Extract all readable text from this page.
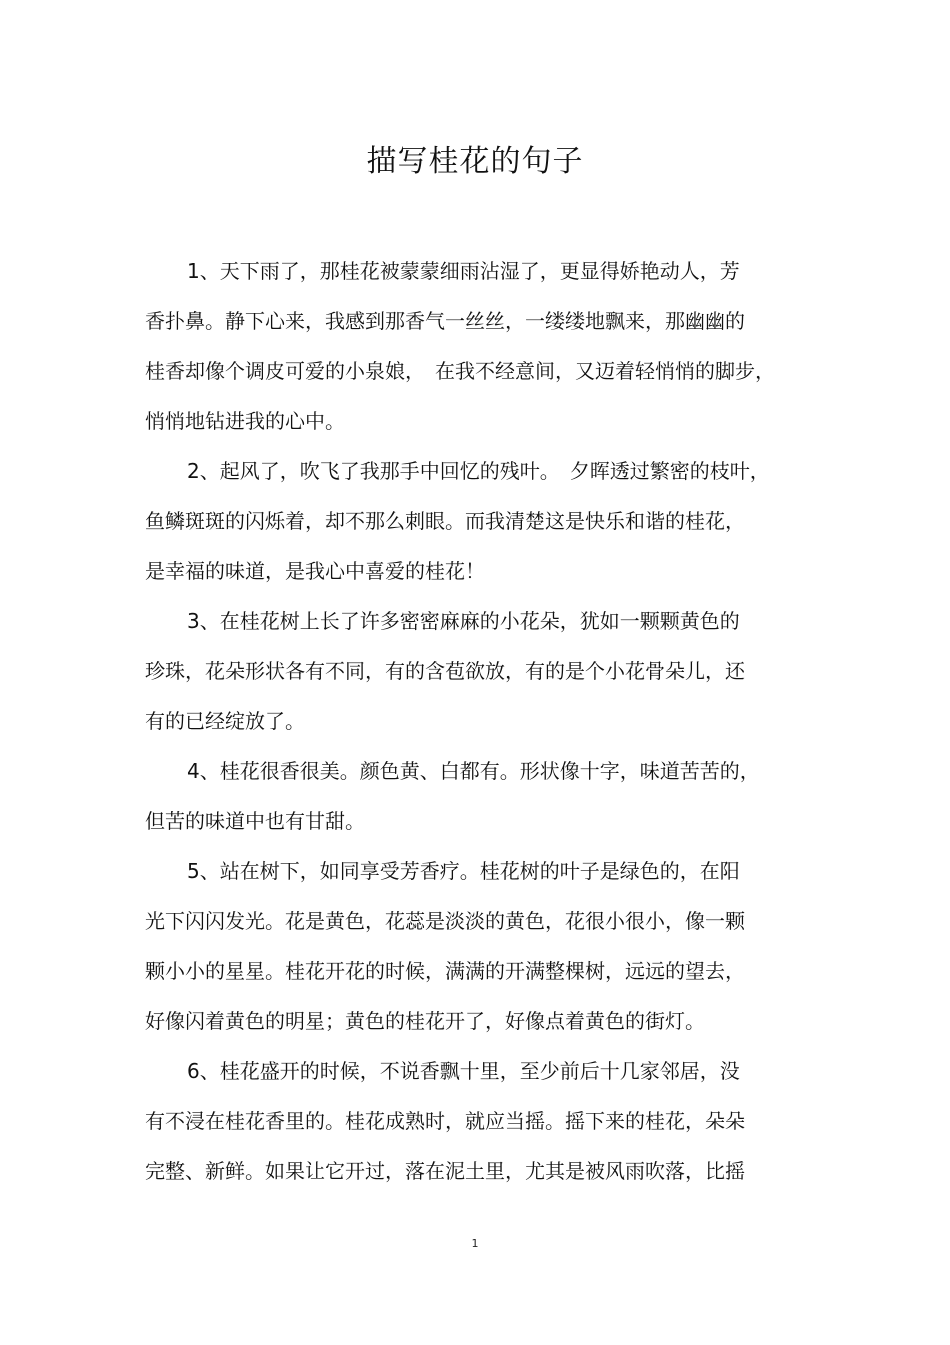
描写桂花的句子
1、天下雨了，那桂花被蒙蒙细雨沾湿了，更显得娇艳动人，芳
香扑鼻。静下心来，我感到那香气一丝丝，一缕缕地飘来，那幽幽的
桂香却像个调皮可爱的小泉娘，　在我不经意间，又迈着轻悄悄的脚步，
悄悄地钻进我的心中。
2、起风了，吹飞了我那手中回忆的残叶。　夕晖透过繁密的枝叶，
鱼鳞斑斑的闪烁着，却不那么刺眼。而我清楚这是快乐和谐的桂花，
是幸福的味道，是我心中喜爱的桂花！
3、在桂花树上长了许多密密麻麻的小花朵，犹如一颗颗黄色的
珍珠，花朵形状各有不同，有的含苞欲放，有的是个小花骨朵儿，还
有的已经绽放了。
4、桂花很香很美。颜色黄、白都有。形状像十字，味道苦苦的，
但苦的味道中也有甘甜。
5、站在树下，如同享受芳香疗。桂花树的叶子是绿色的，在阳
光下闪闪发光。花是黄色，花蕊是淡淡的黄色，花很小很小，像一颗
颗小小的星星。桂花开花的时候，满满的开满整棵树，远远的望去，
好像闪着黄色的明星；黄色的桂花开了，好像点着黄色的街灯。
6、桂花盛开的时候，不说香飘十里，至少前后十几家邻居，没
有不浸在桂花香里的。桂花成熟时，就应当摇。摇下来的桂花，朵朵
完整、新鲜。如果让它开过，落在泥土里，尤其是被风雨吹落，比摇
1
